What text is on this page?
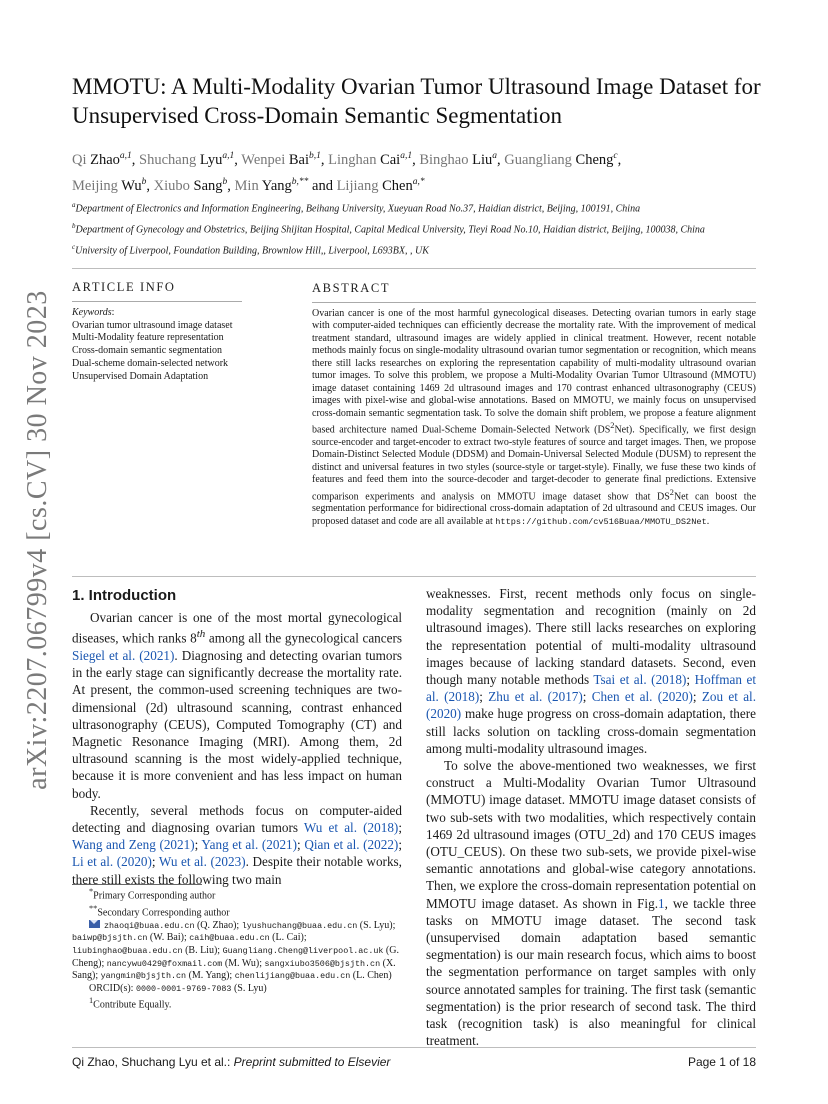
arXiv:2207.06799v4 [cs.CV] 30 Nov 2023
MMOTU: A Multi-Modality Ovarian Tumor Ultrasound Image Dataset for Unsupervised Cross-Domain Semantic Segmentation
Qi Zhao$^{a,1}$, Shuchang Lyu$^{a,1}$, Wenpei Bai$^{b,1}$, Linghan Cai$^{a,1}$, Binghao Liu$^a$, Guangliang Cheng$^c$,
Meijing Wu$^b$, Xiubo Sang$^b$, Min Yang$^{b,**}$ and Lijiang Chen$^{a,*}$

$^a$Department of Electronics and Information Engineering, Beihang University, Xueyuan Road No.37, Haidian district, Beijing, 100191, China

$^b$Department of Gynecology and Obstetrics, Beijing Shijitan Hospital, Capital Medical University, Tieyi Road No.10, Haidian district, Beijing, 100038, China

$^c$University of Liverpool, Foundation Building, Brownlow Hill,, Liverpool, L693BX, , UK

ARTICLE INFO
Keywords:
Ovarian tumor ultrasound image dataset
Multi-Modality feature representation
Cross-domain semantic segmentation
Dual-scheme domain-selected network
Unsupervised Domain Adaptation
ABSTRACT

Ovarian cancer is one of the most harmful gynecological diseases. Detecting ovarian tumors in early stage with computer-aided techniques can efficiently decrease the mortality rate. With the improvement of medical treatment standard, ultrasound images are widely applied in clinical treatment. However, recent notable methods mainly focus on single-modality ultrasound ovarian tumor segmentation or recognition, which means there still lacks researches on exploring the representation capability of multi-modality ultrasound ovarian tumor images. To solve this problem, we propose a Multi-Modality Ovarian Tumor Ultrasound (MMOTU) image dataset containing 1469 2d ultrasound images and 170 contrast enhanced ultrasonography (CEUS) images with pixel-wise and global-wise annotations. Based on MMOTU, we mainly focus on unsupervised cross-domain semantic segmentation task. To solve the domain shift problem, we propose a feature alignment based architecture named Dual-Scheme Domain-Selected Network $(DS^2Net)$. Specifically, we first design source-encoder and target-encoder to extract two-style features of source and target images. Then, we propose Domain-Distinct Selected Module (DDSM) and Domain-Universal Selected Module (DUSM) to represent the distinct and universal features in two styles (source-style or target-style). Finally, we fuse these two kinds of features and feed them into the source-decoder and target-decoder to generate final predictions. Extensive comparison experiments and analysis on MMOTU image dataset show that $DS^2Net$ can boost the segmentation performance for bidirectional cross-domain adaptation of 2d ultrasound and CEUS images. Our proposed dataset and code are all available at https://github.com/cv516Buaa/MMOTU_DS2Net.

1. Introduction

Ovarian cancer is one of the most mortal gynecological diseases, which ranks 8th among all the gynecological cancers Siegel et al. (2021). Diagnosing and detecting ovarian tumors in the early stage can significantly decrease the mortality rate. At present, the common-used screening techniques are two-dimensional (2d) ultrasound scanning, contrast enhanced ultrasonography (CEUS), Computed Tomography (CT) and Magnetic Resonance Imaging (MRI). Among them, 2d ultrasound scanning is the most widely-applied technique, because it is more convenient and has less impact on human body.

Recently, several methods focus on computer-aided detecting and diagnosing ovarian tumors Wu et al. (2018); Wang and Zeng (2021); Yang et al. (2021); Qian et al. (2022); Li et al. (2020); Wu et al. (2023). Despite their notable works, there still exists the following two main

weaknesses. First, recent methods only focus on single-modality segmentation and recognition (mainly on 2d ultrasound images). There still lacks researches on exploring the representation potential of multi-modality ultrasound images because of lacking standard datasets. Second, even though many notable methods Tsai et al. (2018); Hoffman et al. (2018); Zhu et al. (2017); Chen et al. (2020); Zou et al. (2020) make huge progress on cross-domain adaptation, there still lacks solution on tackling cross-domain segmentation among multi-modality ultrasound images.

To solve the above-mentioned two weaknesses, we first construct a Multi-Modality Ovarian Tumor Ultrasound (MMOTU) image dataset. MMOTU image dataset consists of two sub-sets with two modalities, which respectively contain 1469 2d ultrasound images (OTU_2d) and 170 CEUS images (OTU_CEUS). On these two sub-sets, we provide pixel-wise semantic annotations and global-wise category annotations. Then, we explore the cross-domain representation potential on MMOTU image dataset. As shown in Fig.1, we tackle three tasks on MMOTU image dataset. The second task (unsupervised domain adaptation based semantic segmentation) is our main research focus, which aims to boost the segmentation performance on target samples with only source annotated samples for training. The first task (semantic segmentation) is the prior research of second task. The third task (recognition task) is also meaningful for clinical treatment.

*Primary Corresponding author

**Secondary Corresponding author

zhaoqi@buaa.edu.cn (Q. Zhao); lyushuchang@buaa.edu.cn (S. Lyu); baiwp@bjsjth.cn (W. Bai); caih@buaa.edu.cn (L. Cai); liubinghao@buaa.edu.cn (B. Liu); Guangliang.Cheng@liverpool.ac.uk (G. Cheng); nancywu0429@foxmail.com (M. Wu); sangxiubo3506@bjsjth.cn (X. Sang); yangmin@bjsjth.cn (M. Yang); chenlijiang@buaa.edu.cn (L. Chen)

ORCID(s): 0000-0001-9769-7083 (S. Lyu)

$^1$Contribute Equally.

Qi Zhao, Shuchang Lyu et al.: Preprint submitted to Elsevier	Page 1 of 18
